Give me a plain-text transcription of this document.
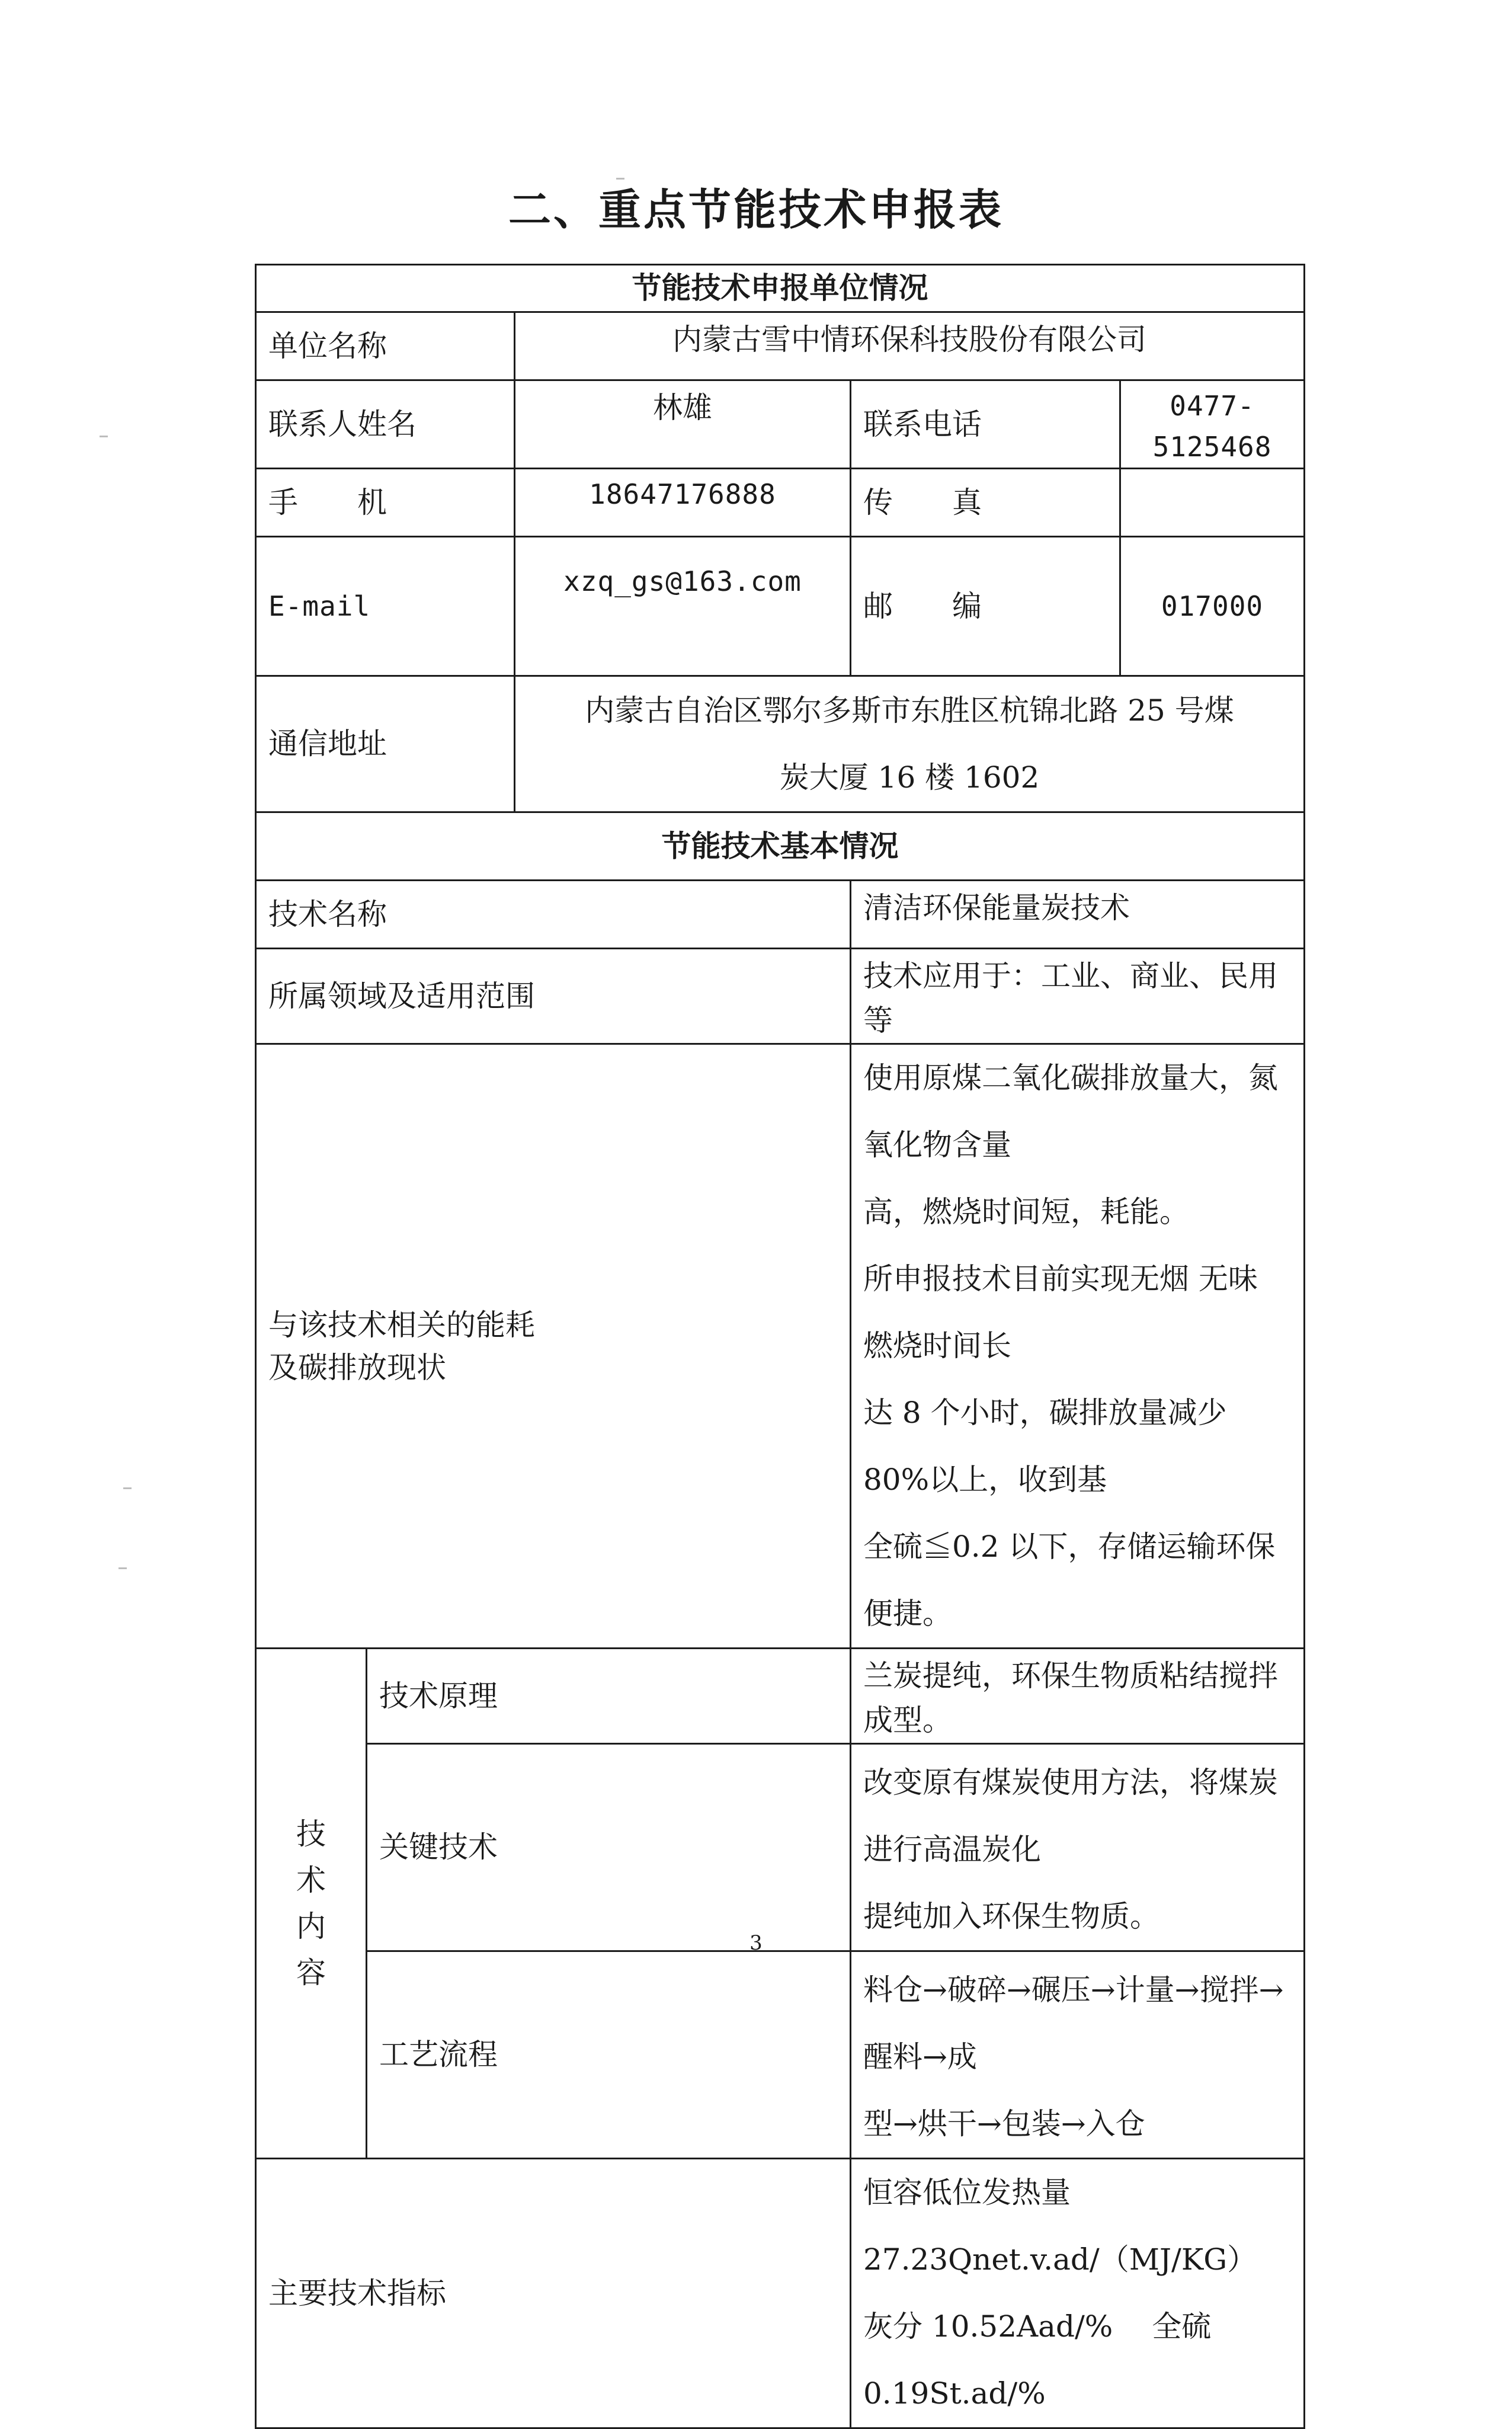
二、重点节能技术申报表
节能技术申报单位情况				
单位名称		内蒙古雪中情环保科技股份有限公司		
联系人姓名		林雄	联系电话	0477-5125468
手　　机		18647176888	传　　真	
E-mail		xzq_gs@163.com	邮　　编	017000
通信地址		内蒙古自治区鄂尔多斯市东胜区杭锦北路 25 号煤
炭大厦 16 楼 1602		

节能技术基本情况				
技术名称			清洁环保能量炭技术	
所属领域及适用范围			技术应用于：工业、商业、民用等	

与该技术相关的能耗
及碳排放现状			使用原煤二氧化碳排放量大，氮氧化物含量
高，燃烧时间短，耗能。
所申报技术目前实现无烟 无味 燃烧时间长
达 8 个小时，碳排放量减少 80%以上，收到基
全硫≦0.2 以下，存储运输环保便捷。	

技
术
内
容	技术原理		兰炭提纯，环保生物质粘结搅拌成型。	
	关键技术		改变原有煤炭使用方法，将煤炭进行高温炭化
提纯加入环保生物质。	

	工艺流程		料仓→破碎→碾压→计量→搅拌→醒料→成
型→烘干→包装→入仓	

主要技术指标			恒容低位发热量 27.23Qnet.v.ad/（MJ/KG）
灰分 10.52Aad/%　 全硫 0.19St.ad/%	
3
